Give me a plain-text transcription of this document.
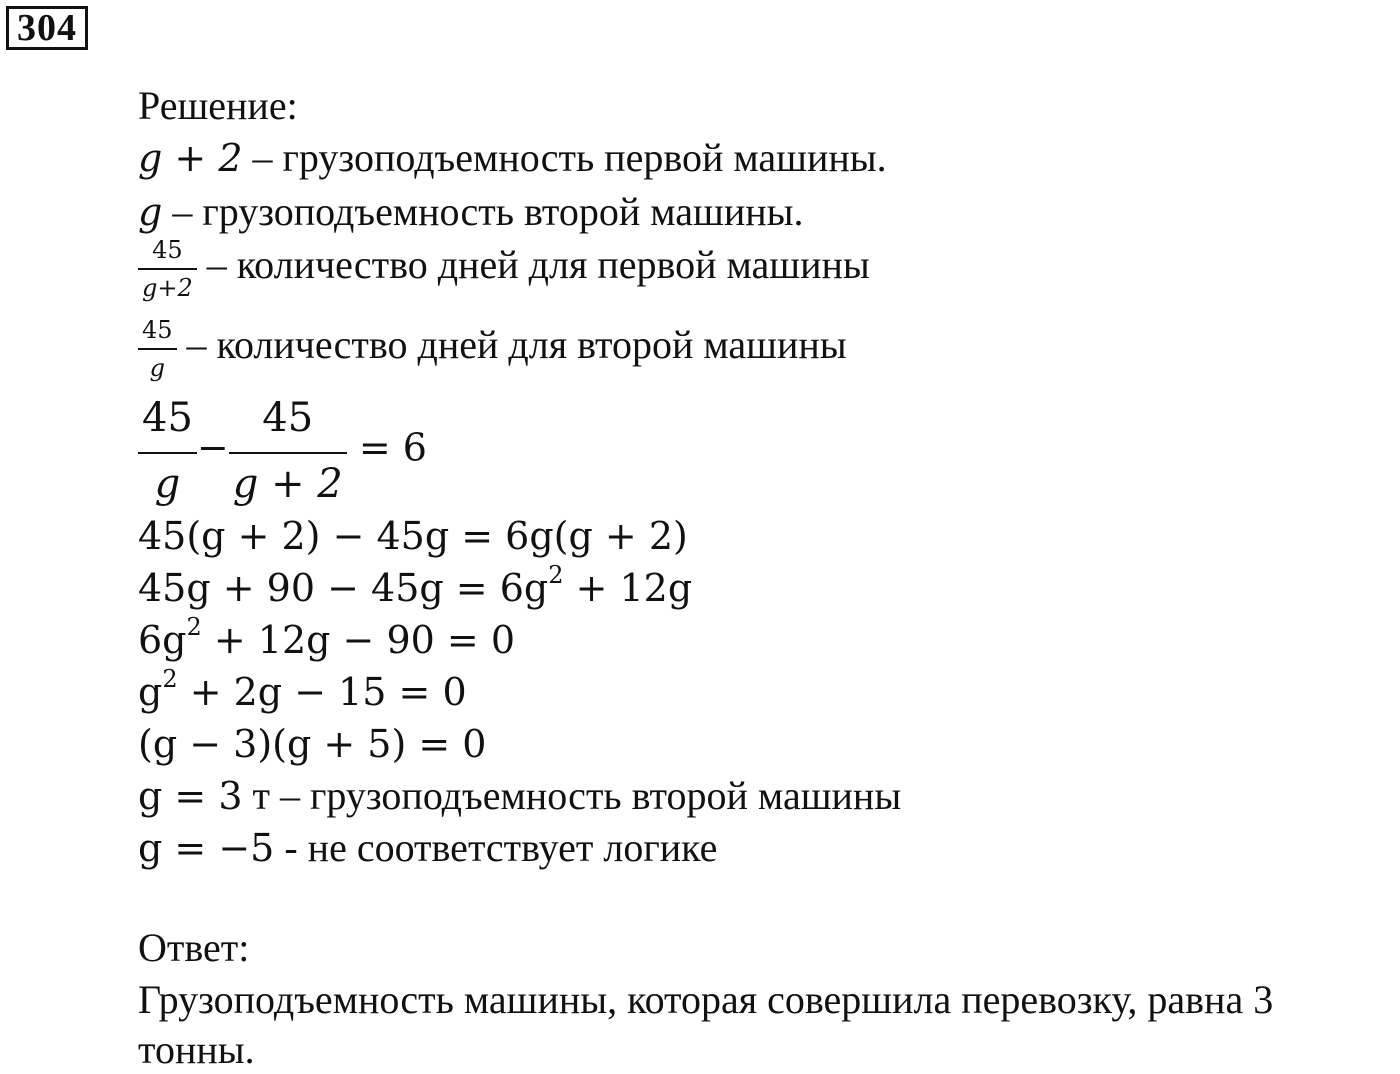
304
Решение:
g + 2 – грузоподъемность первой машины.
g – грузоподъемность второй машины.
$\frac{45}{g+2}$ – количество дней для первой машины
$\frac{45}{g}$ – количество дней для второй машины
$\frac{45}{g} - \frac{45}{g + 2} = 6$
45(g + 2) − 45g = 6g(g + 2)
$45g + 90 - 45g = 6g^2 + 12g$
$6g^2 + 12g - 90 = 0$
$g^2 + 2g - 15 = 0$
(g − 3)(g + 5) = 0
g = 3 т – грузоподъемность второй машины
g = −5 - не соответствует логике
Ответ:
Грузоподъемность машины, которая совершила перевозку, равна 3
тонны.
